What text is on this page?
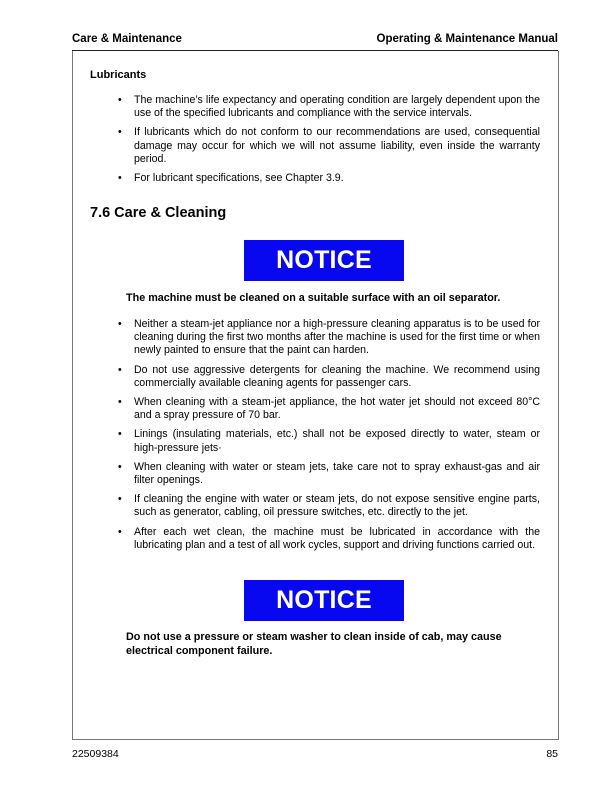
Care & Maintenance	Operating & Maintenance Manual
Lubricants
• The machine’s life expectancy and operating condition are largely dependent upon the use of the specified lubricants and compliance with the service intervals.
• If lubricants which do not conform to our recommendations are used, consequential damage may occur for which we will not assume liability, even inside the warranty period.
• For lubricant specifications, see Chapter 3.9.
7.6 Care & Cleaning
NOTICE
The machine must be cleaned on a suitable surface with an oil separator.
• Neither a steam-jet appliance nor a high-pressure cleaning apparatus is to be used for cleaning during the first two months after the machine is used for the first time or when newly painted to ensure that the paint can harden.
• Do not use aggressive detergents for cleaning the machine. We recommend using commercially available cleaning agents for passenger cars.
• When cleaning with a steam-jet appliance, the hot water jet should not exceed 80°C and a spray pressure of 70 bar.
• Linings (insulating materials, etc.) shall not be exposed directly to water, steam or high-pressure jets·
• When cleaning with water or steam jets, take care not to spray exhaust-gas and air filter openings.
• If cleaning the engine with water or steam jets, do not expose sensitive engine parts, such as generator, cabling, oil pressure switches, etc. directly to the jet.
• After each wet clean, the machine must be lubricated in accordance with the lubricating plan and a test of all work cycles, support and driving functions carried out.
NOTICE
Do not use a pressure or steam washer to clean inside of cab, may cause electrical component failure.
22509384	85
